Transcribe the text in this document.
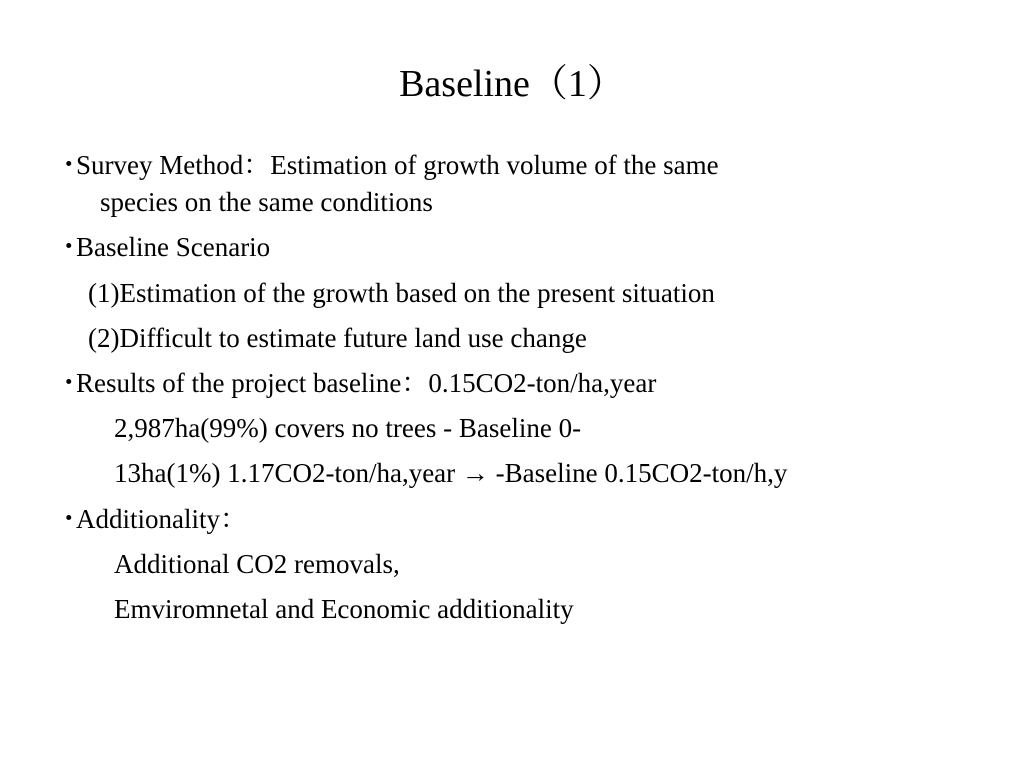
Baseline（1）
･Survey Method：Estimation of growth volume of the same
species on the same conditions
･Baseline Scenario
(1)Estimation of the growth based on the present situation
(2)Difficult to estimate future land use change
･Results of the project baseline：0.15CO2-ton/ha,year
2,987ha(99%) covers no trees - Baseline 0-
13ha(1%) 1.17CO2-ton/ha,year → -Baseline 0.15CO2-ton/h,y
･Additionality：
Additional CO2 removals,
Emviromnetal and Economic additionality
